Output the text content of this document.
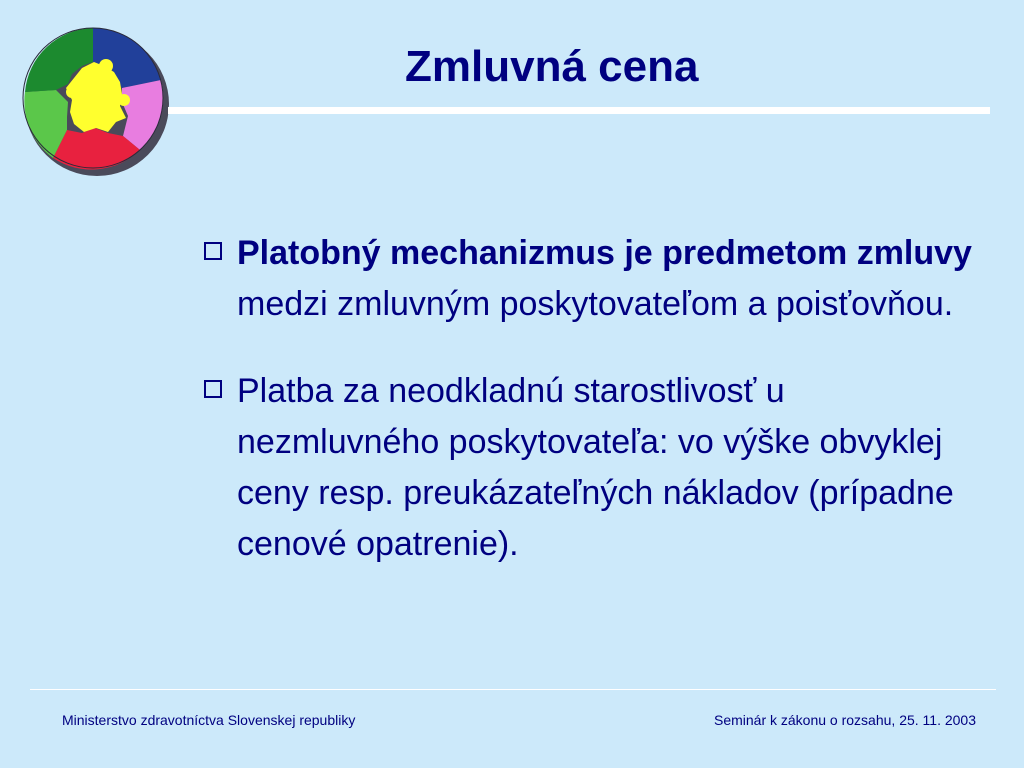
Zmluvná cena
Platobný mechanizmus je predmetom zmluvy medzi zmluvným poskytovateľom a poisťovňou.
Platba za neodkladnú starostlivosť u nezmluvného poskytovateľa: vo výške obvyklej ceny resp. preukázateľných nákladov (prípadne cenové opatrenie).
Ministerstvo zdravotníctva Slovenskej republiky	Seminár k zákonu o rozsahu, 25. 11. 2003
